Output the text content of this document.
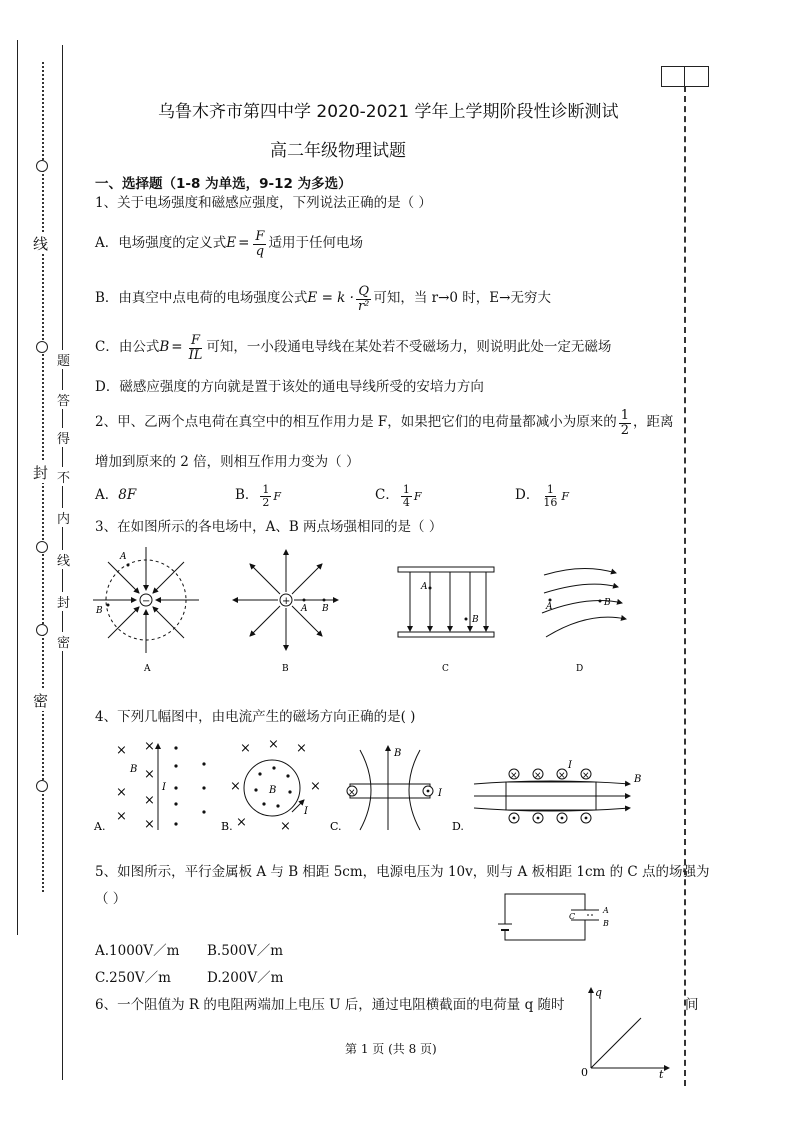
线
封
密
题
答
得
不
内
线
封
密
乌鲁木齐市第四中学 2020-2021 学年上学期阶段性诊断测试
高二年级物理试题
一、选择题（1-8 为单选，9-12 为多选）
1、关于电场强度和磁感应强度，下列说法正确的是（ ）
A．电场强度的定义式 $E = \frac{F}{q}$ 适用于任何电场
B．由真空中点电荷的电场强度公式 $E = k \cdot \frac{Q}{\text{r²}}$ 可知，当 r→0 时，E→无穷大
C．由公式 $B = \frac{F}{IL}$ 可知，一小段通电导线在某处若不受磁场力，则说明此处一定无磁场
D．磁感应强度的方向就是置于该处的通电导线所受的安培力方向
2、甲、乙两个点电荷在真空中的相互作用力是 F，如果把它们的电荷量都减小为原来的 $\frac{1}{2}$ ，距离
增加到原来的 2 倍，则相互作用力变为（ ）
A． 8F	B． $\frac{1}{2}$ F	C． $\frac{1}{4}$ F	D． $\frac{1}{16}$ F
3、在如图所示的各电场中，A、B 两点场强相同的是（ ）
−
A
B
A
+
A B
B
A
B
C
A	B
D
4、下列几幅图中，由电流产生的磁场方向正确的是( )
× ×
×
×
×
×
×
B
I
A.
× × ×
×	×
×	×
B
I
B.
×	I
B
C.	D.
× × × ×	B
I
5、如图所示，平行金属板 A 与 B 相距 5cm，电源电压为 10v，则与 A 板相距 1cm 的 C 点的场强为
（ ）
C
A
B
A.1000V／m B.500V／m
C.250V／m	D.200V／m
6、一个阻值为 R 的电阻两端加上电压 U 后，通过电阻横截面的电荷量 q 随时	间
q
t
0
第 1 页 (共 8 页)
